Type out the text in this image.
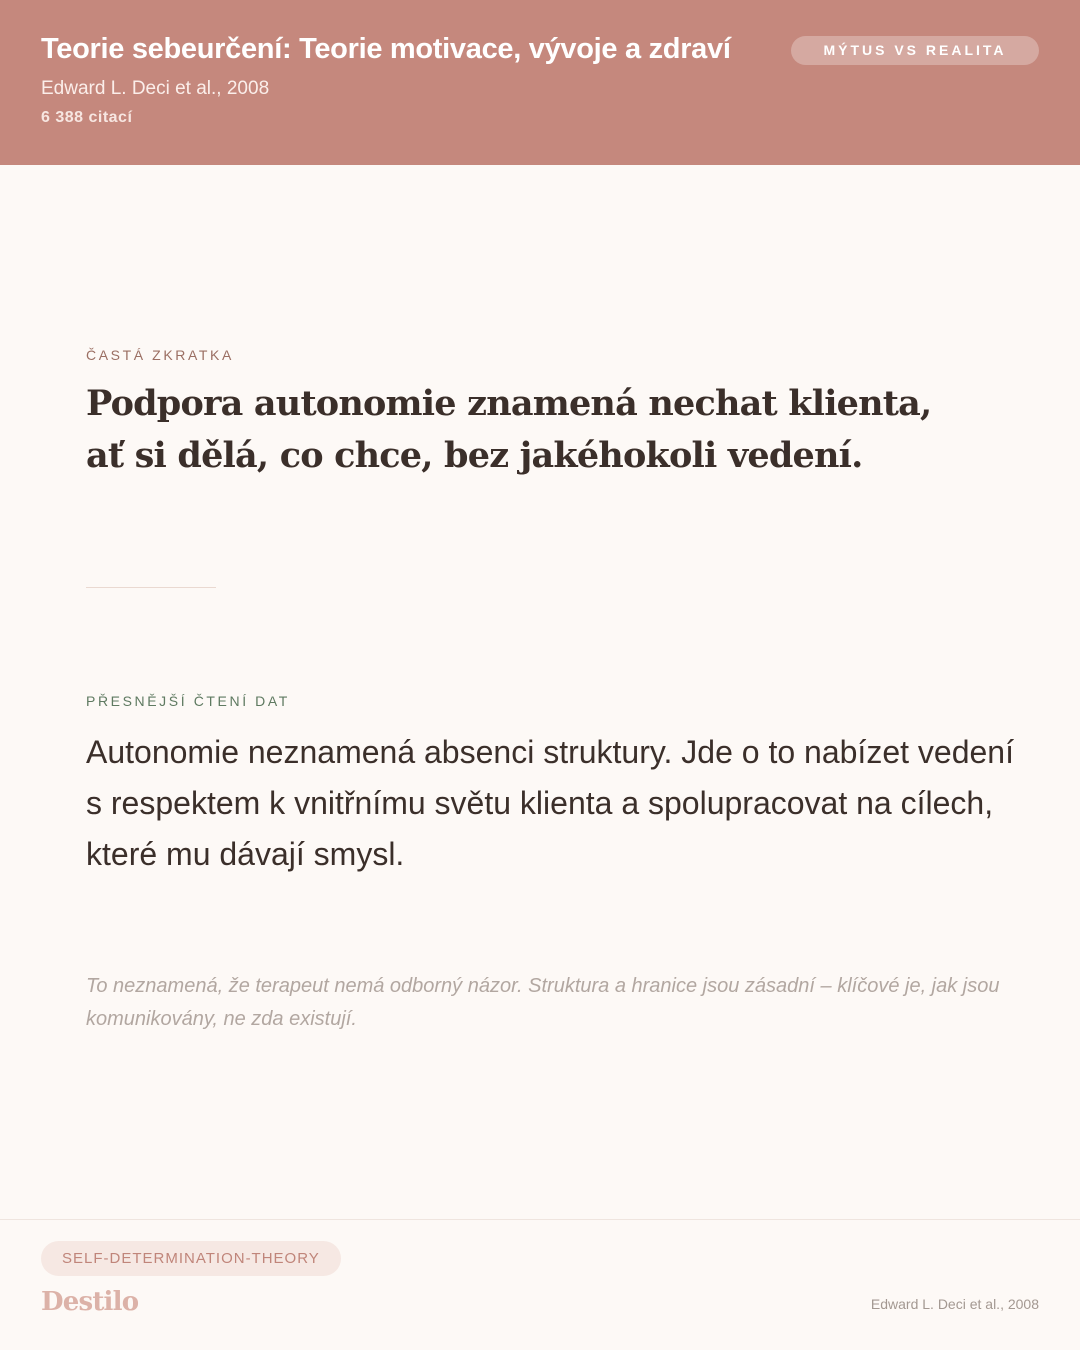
Teorie sebeurčení: Teorie motivace, vývoje a zdraví
Edward L. Deci et al., 2008
6 388 citací
MÝTUS VS REALITA
ČASTÁ ZKRATKA
Podpora autonomie znamená nechat klienta, ať si dělá, co chce, bez jakéhokoli vedení.
PŘESNĚJŠÍ ČTENÍ DAT
Autonomie neznamená absenci struktury. Jde o to nabízet vedení s respektem k vnitřnímu světu klienta a spolupracovat na cílech, které mu dávají smysl.
To neznamená, že terapeut nemá odborný názor. Struktura a hranice jsou zásadní – klíčové je, jak jsou komunikovány, ne zda existují.
SELF-DETERMINATION-THEORY
Destilo	Edward L. Deci et al., 2008
